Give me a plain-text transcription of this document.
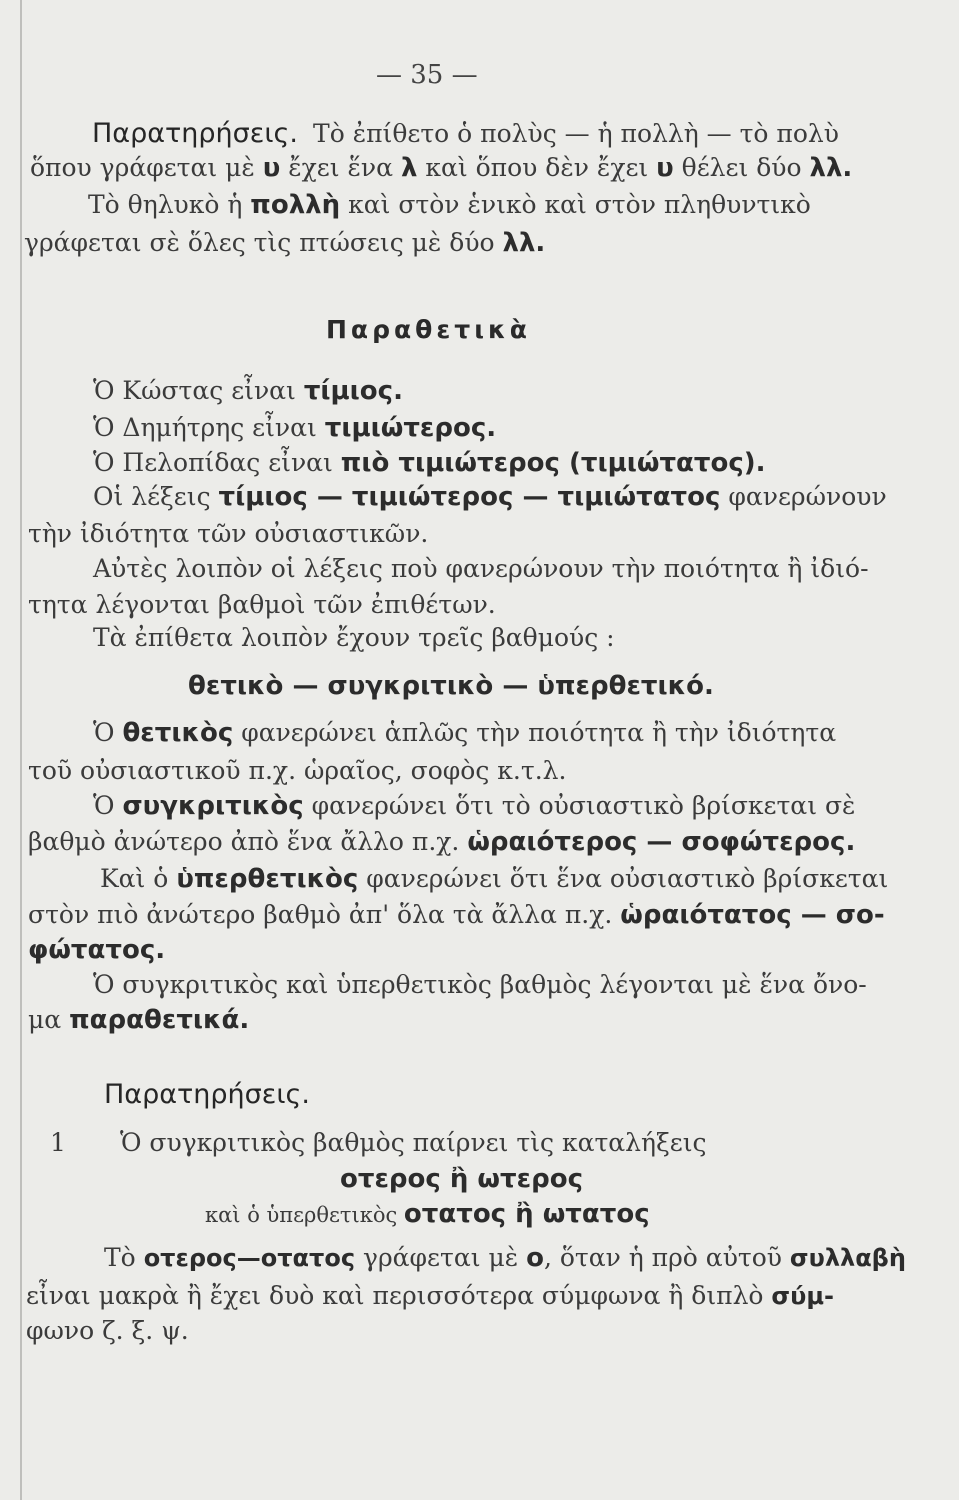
— 35 —
Παρατηρήσεις. Τὸ ἐπίθετο ὁ πολὺς — ἡ πολλὴ — τὸ πολὺ
ὅπου γράφεται μὲ υ ἔχει ἕνα λ καὶ ὅπου δὲν ἔχει υ θέλει δύο λλ.
Τὸ θηλυκὸ ἡ πολλὴ καὶ στὸν ἑνικὸ καὶ στὸν πληθυντικὸ
γράφεται σὲ ὅλες τὶς πτώσεις μὲ δύο λλ.
Παραθετικὰ
Ὁ Κώστας εἶναι τίμιος.
Ὁ Δημήτρης εἶναι τιμιώτερος.
Ὁ Πελοπίδας εἶναι πιὸ τιμιώτερος (τιμιώτατος).
Οἱ λέξεις τίμιος — τιμιώτερος — τιμιώτατος φανερώνουν
τὴν ἰδιότητα τῶν οὐσιαστικῶν.
Αὐτὲς λοιπὸν οἱ λέξεις ποὺ φανερώνουν τὴν ποιότητα ἢ ἰδιό-
τητα λέγονται βαθμοὶ τῶν ἐπιθέτων.
Τὰ ἐπίθετα λοιπὸν ἔχουν τρεῖς βαθμούς :
θετικὸ — συγκριτικὸ — ὑπερθετικό.
Ὁ θετικὸς φανερώνει ἁπλῶς τὴν ποιότητα ἢ τὴν ἰδιότητα
τοῦ οὐσιαστικοῦ π.χ. ὡραῖος, σοφὸς κ.τ.λ.
Ὁ συγκριτικὸς φανερώνει ὅτι τὸ οὐσιαστικὸ βρίσκεται σὲ
βαθμὸ ἀνώτερο ἀπὸ ἕνα ἄλλο π.χ. ὡραιότερος — σοφώτερος.
Καὶ ὁ ὑπερθετικὸς φανερώνει ὅτι ἕνα οὐσιαστικὸ βρίσκεται
στὸν πιὸ ἀνώτερο βαθμὸ ἀπ' ὅλα τὰ ἄλλα π.χ. ὡραιότατος — σο-
φώτατος.
Ὁ συγκριτικὸς καὶ ὑπερθετικὸς βαθμὸς λέγονται μὲ ἕνα ὄνο-
μα παραθετικά.
Παρατηρήσεις.
1 Ὁ συγκριτικὸς βαθμὸς παίρνει τὶς καταλήξεις
οτερος ἢ ωτερος
καὶ ὁ ὑπερθετικὸς οτατος ἢ ωτατος
Τὸ οτερος—οτατος γράφεται μὲ ο, ὅταν ἡ πρὸ αὐτοῦ συλλαβὴ
εἶναι μακρὰ ἢ ἔχει δυὸ καὶ περισσότερα σύμφωνα ἢ διπλὸ σύμ-
φωνο ζ. ξ. ψ.
